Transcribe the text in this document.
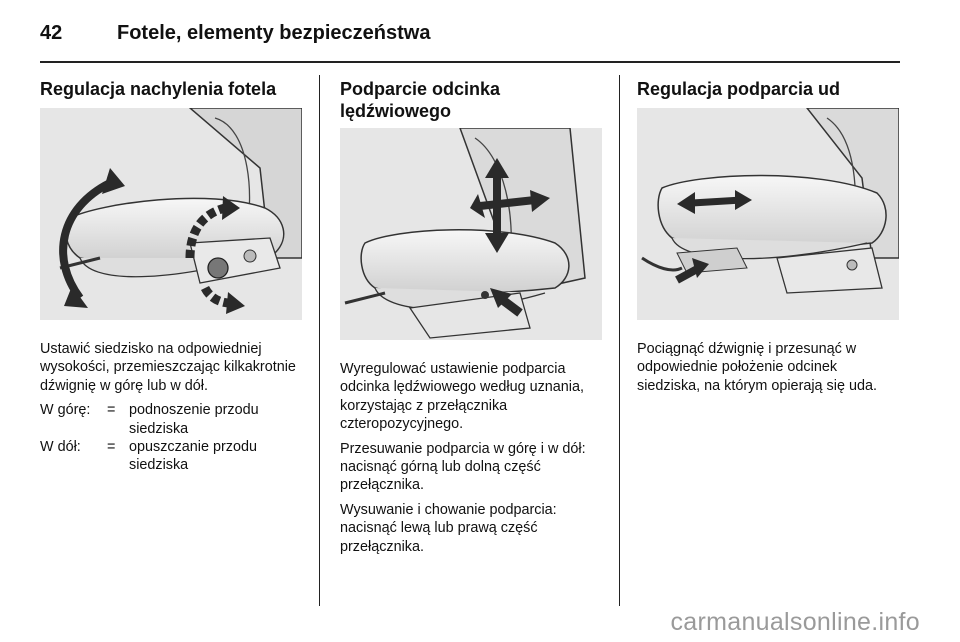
42	Fotele, elementy bezpieczeństwa
Regulacja nachylenia fotela

Ustawić siedzisko na odpowiedniej wysokości, przemieszczając kilkakrotnie dźwignię w górę lub w dół.

W górę: = podnoszenie przodu siedziska
W dół: = opuszczanie przodu siedziska
Podparcie odcinka lędźwiowego

Wyregulować ustawienie podparcia odcinka lędźwiowego według uznania, korzystając z przełącznika czteropozycyjnego.

Przesuwanie podparcia w górę i w dół: nacisnąć górną lub dolną część przełącznika.

Wysuwanie i chowanie podparcia: nacisnąć lewą lub prawą część przełącznika.

Regulacja podparcia ud

Pociągnąć dźwignię i przesunąć w odpowiednie położenie odcinek siedziska, na którym opierają się uda.

carmanualsonline.info
